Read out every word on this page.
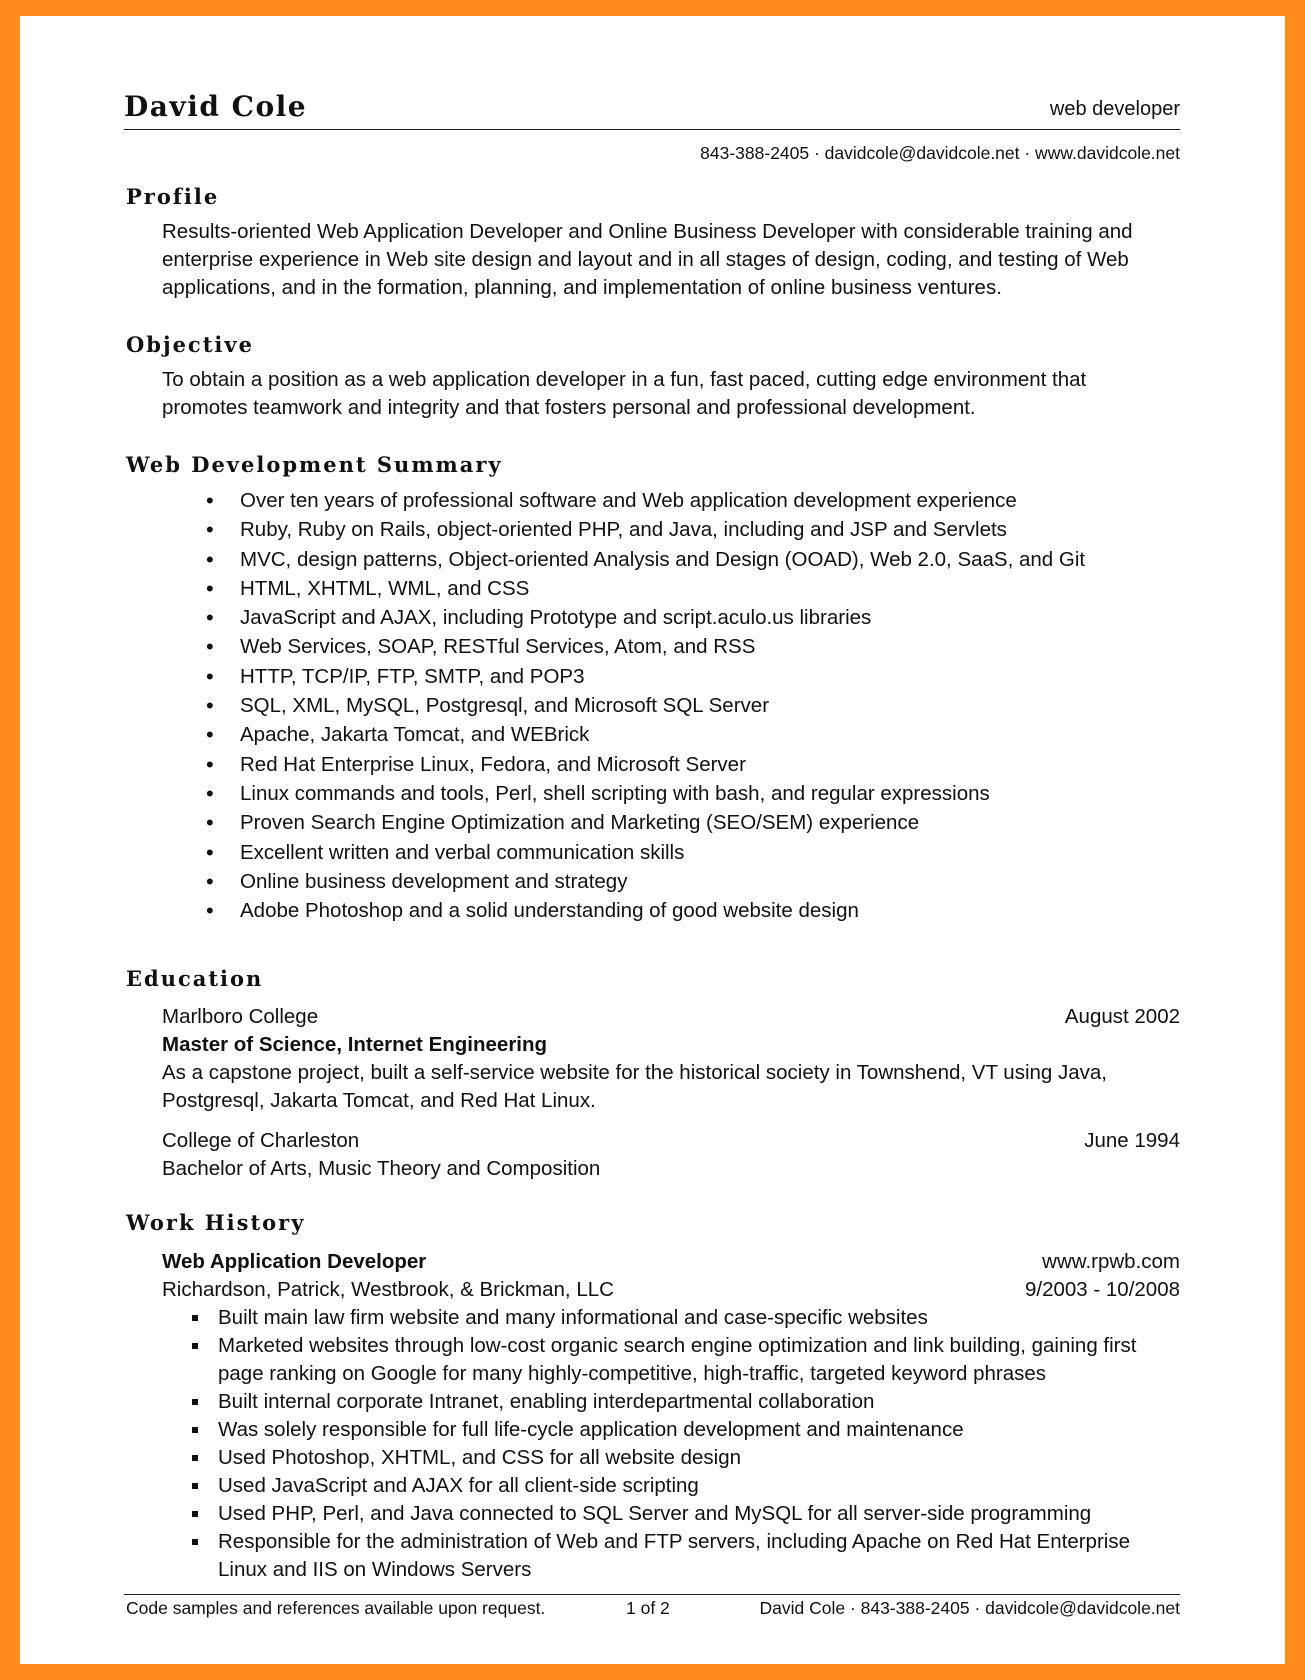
David Cole	web developer
843-388-2405 · davidcole@davidcole.net · www.davidcole.net
Profile
Results-oriented Web Application Developer and Online Business Developer with considerable training and
enterprise experience in Web site design and layout and in all stages of design, coding, and testing of Web
applications, and in the formation, planning, and implementation of online business ventures.
Objective
To obtain a position as a web application developer in a fun, fast paced, cutting edge environment that
promotes teamwork and integrity and that fosters personal and professional development.
Web Development Summary
• Over ten years of professional software and Web application development experience
• Ruby, Ruby on Rails, object-oriented PHP, and Java, including and JSP and Servlets
• MVC, design patterns, Object-oriented Analysis and Design (OOAD), Web 2.0, SaaS, and Git
• HTML, XHTML, WML, and CSS
• JavaScript and AJAX, including Prototype and script.aculo.us libraries
• Web Services, SOAP, RESTful Services, Atom, and RSS
• HTTP, TCP/IP, FTP, SMTP, and POP3
• SQL, XML, MySQL, Postgresql, and Microsoft SQL Server
• Apache, Jakarta Tomcat, and WEBrick
• Red Hat Enterprise Linux, Fedora, and Microsoft Server
• Linux commands and tools, Perl, shell scripting with bash, and regular expressions
• Proven Search Engine Optimization and Marketing (SEO/SEM) experience
• Excellent written and verbal communication skills
• Online business development and strategy
• Adobe Photoshop and a solid understanding of good website design
Education
Marlboro College	August 2002
Master of Science, Internet Engineering
As a capstone project, built a self-service website for the historical society in Townshend, VT using Java,
Postgresql, Jakarta Tomcat, and Red Hat Linux.
College of Charleston	June 1994
Bachelor of Arts, Music Theory and Composition
Work History
Web Application Developer	www.rpwb.com
Richardson, Patrick, Westbrook, & Brickman, LLC	9/2003 - 10/2008
Built main law firm website and many informational and case-specific websites
Marketed websites through low-cost organic search engine optimization and link building, gaining first page ranking on Google for many highly-competitive, high-traffic, targeted keyword phrases
Built internal corporate Intranet, enabling interdepartmental collaboration
Was solely responsible for full life-cycle application development and maintenance
Used Photoshop, XHTML, and CSS for all website design
Used JavaScript and AJAX for all client-side scripting
Used PHP, Perl, and Java connected to SQL Server and MySQL for all server-side programming
Responsible for the administration of Web and FTP servers, including Apache on Red Hat Enterprise Linux and IIS on Windows Servers
Code samples and references available upon request.	1 of 2	David Cole · 843-388-2405 · davidcole@davidcole.net
